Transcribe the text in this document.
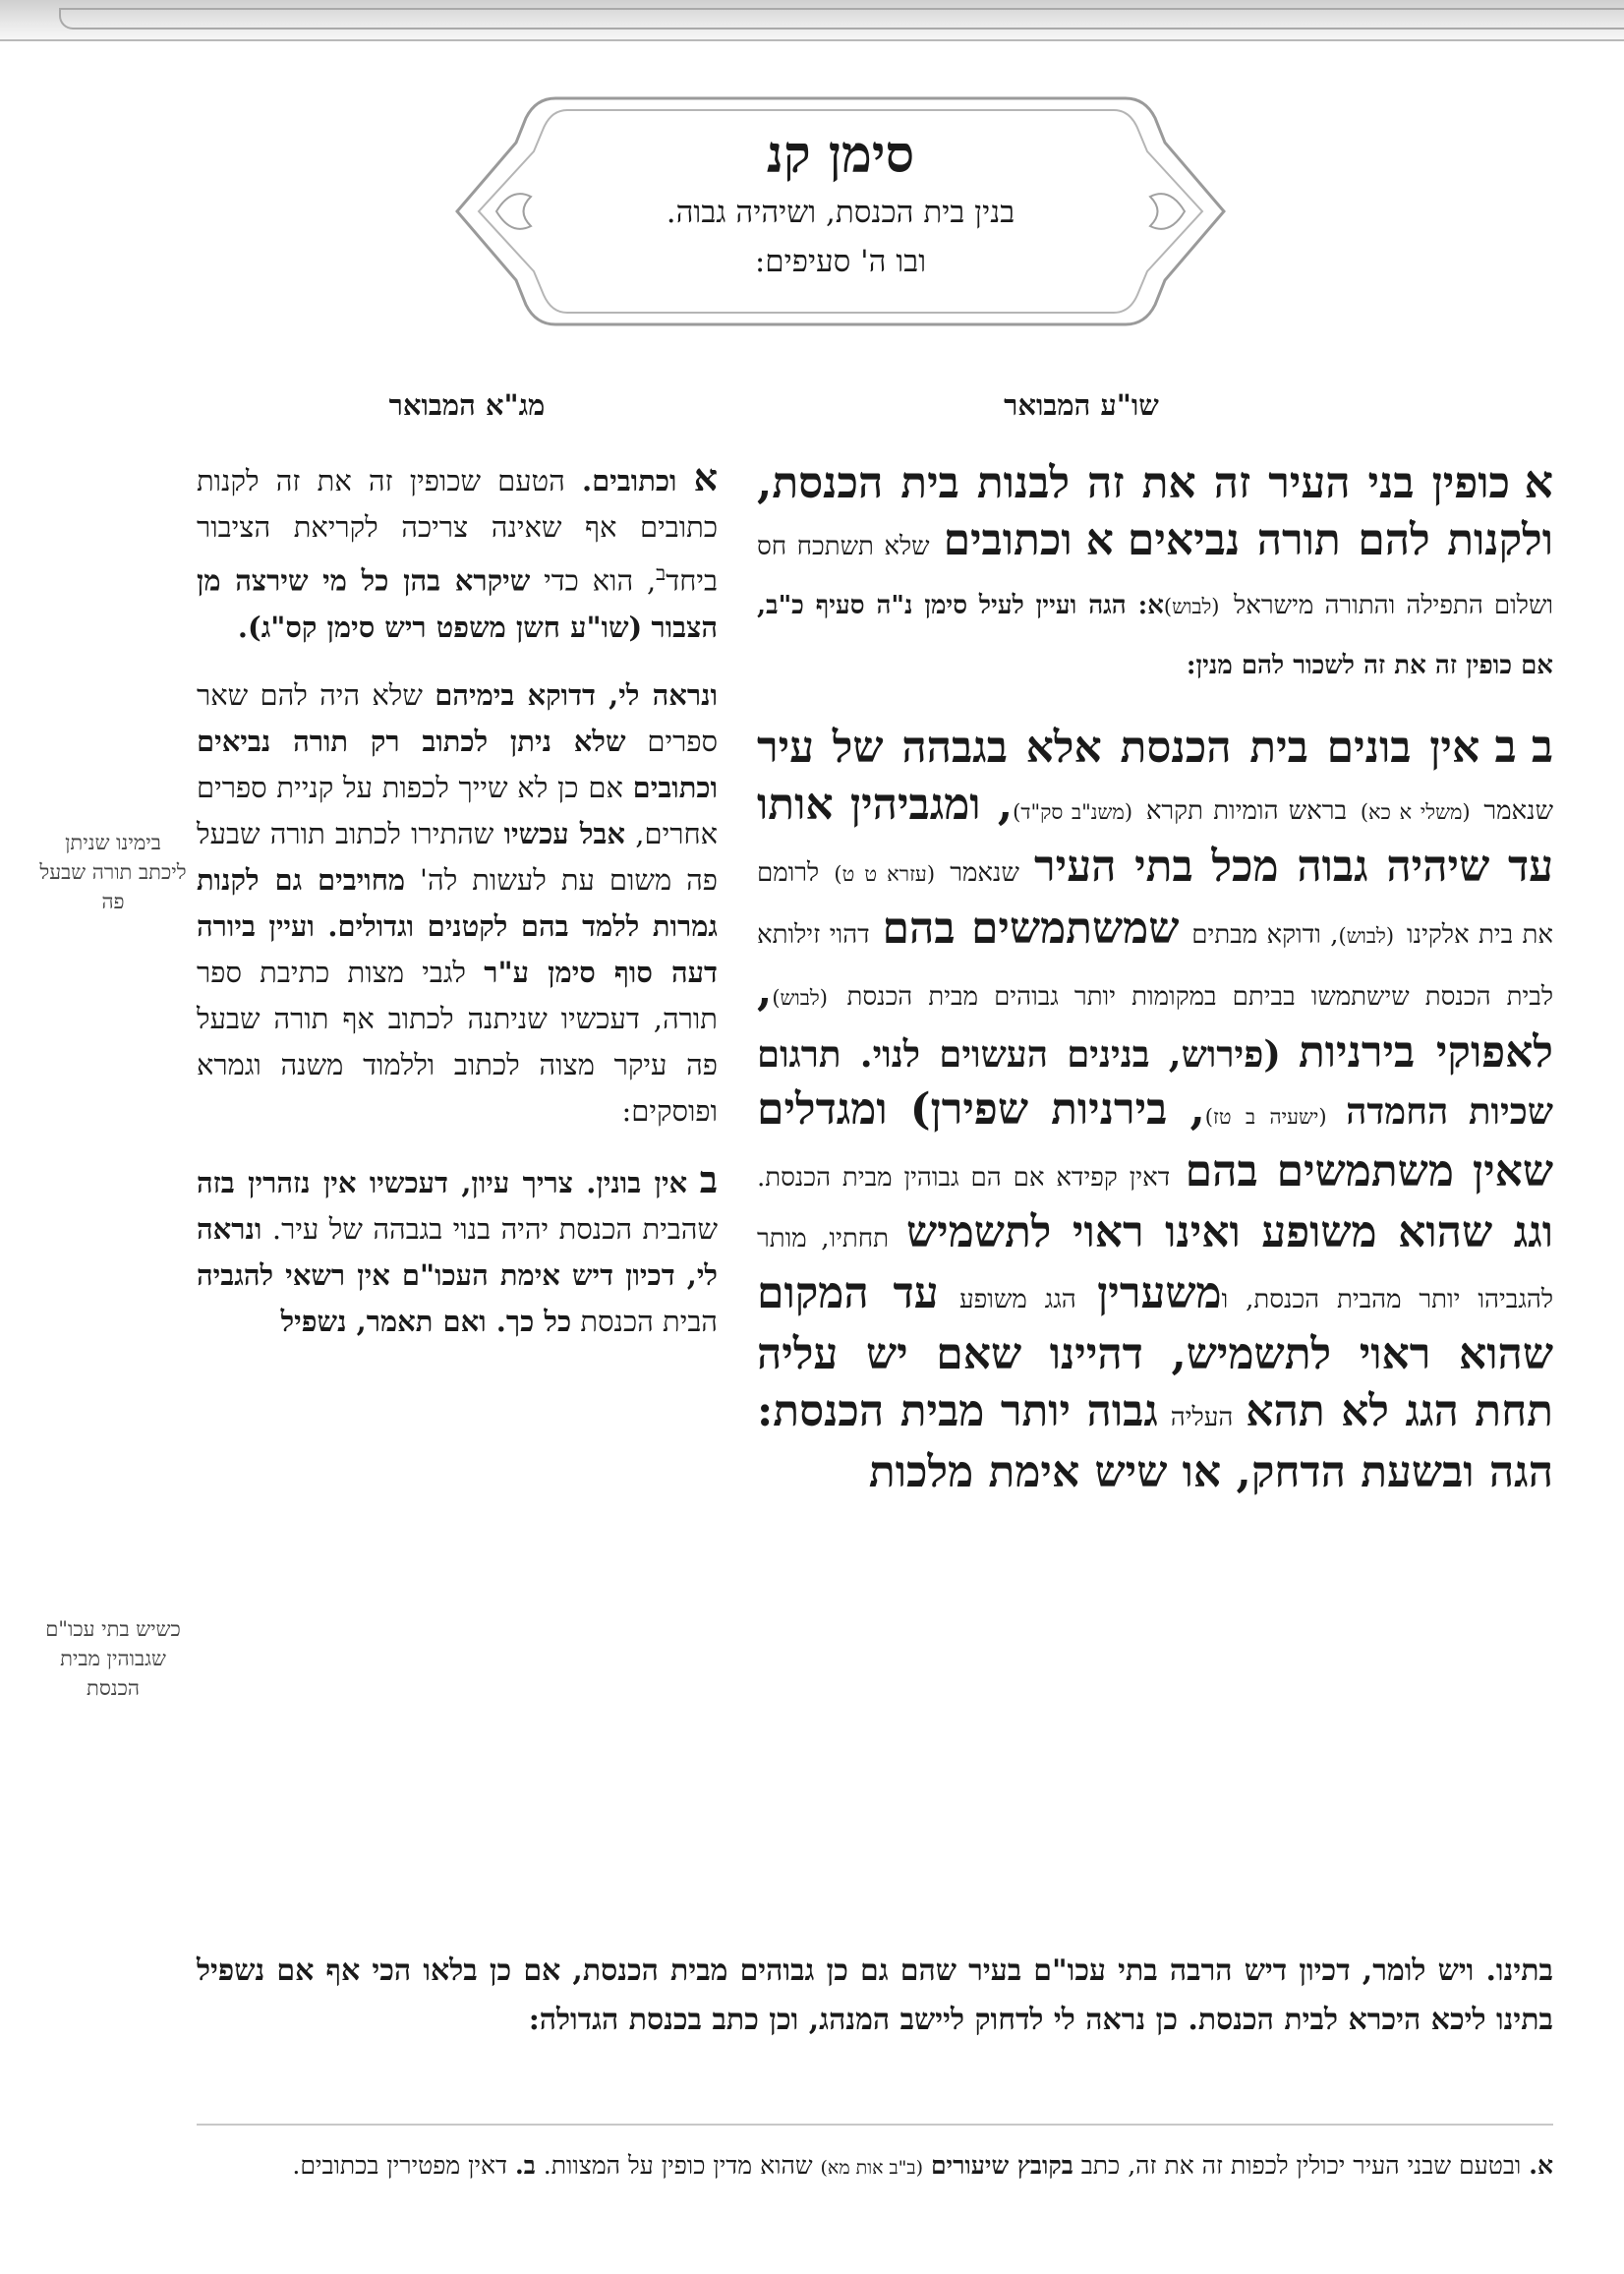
סימן קנ
בנין בית הכנסת, ושיהיה גבוה.
ובו ה' סעיפים:
שו"ע המבואר
מג"א המבואר

א כופין בני העיר זה את זה לבנות בית הכנסת, ולקנות להם תורה נביאים א וכתובים שלא תשתכח חס ושלום התפילה והתורה מישראל (לבוש)א: הגה ועיין לעיל סימן נ"ה סעיף כ"ב, אם כופין זה את זה לשכור להם מנין:

ב ב אין בונים בית הכנסת אלא בגבהה של עיר שנאמר (משלי א כא) בראש הומיות תקרא (משנ"ב סק"ד), ומגביהין אותו עד שיהיה גבוה מכל בתי העיר שנאמר (עזרא ט ט) לרומם את בית אלקינו (לבוש), ודוקא מבתים שמשתמשים בהם דהוי זילותא לבית הכנסת שישתמשו בביתם במקומות יותר גבוהים מבית הכנסת (לבוש), לאפוקי בירניות (פירוש, בנינים העשוים לנוי. תרגום שכיות החמדה (ישעיה ב טז), בירניות שפירן) ומגדלים שאין משתמשים בהם דאין קפידא אם הם גבוהין מבית הכנסת. וגג שהוא משופע ואינו ראוי לתשמיש תחתיו, מותר להגביהו יותר מהבית הכנסת, ומשערין הגג משופע עד המקום שהוא ראוי לתשמיש, דהיינו שאם יש עליה תחת הגג לא תהא העליה גבוה יותר מבית הכנסת: הגה ובשעת הדחק, או שיש אימת מלכות

א וכתובים. הטעם שכופין זה את זה לקנות כתובים אף שאינה צריכה לקריאת הציבור ביחד$^ב$, הוא כדי שיקרא בהן כל מי שירצה מן הצבור (שו"ע חשן משפט ריש סימן קס"ג).

ונראה לי, דדוקא בימיהם שלא היה להם שאר ספרים שלא ניתן לכתוב רק תורה נביאים וכתובים אם כן לא שייך לכפות על קניית ספרים אחרים, אבל עכשיו שהתירו לכתוב תורה שבעל פה משום עת לעשות לה' מחויבים גם לקנות גמרות ללמד בהם לקטנים וגדולים. ועיין ביורה דעה סוף סימן ע"ר לגבי מצות כתיבת ספר תורה, דעכשיו שניתנה לכתוב אף תורה שבעל פה עיקר מצוה לכתוב וללמוד משנה וגמרא ופוסקים:

ב אין בונין. צריך עיון, דעכשיו אין נזהרין בזה שהבית הכנסת יהיה בנוי בגבהה של עיר. ונראה לי, דכיון דיש אימת העכו"ם אין רשאי להגביה הבית הכנסת כל כך. ואם תאמר, נשפיל

בימינו שניתן ליכתב תורה שבעל פה
כשיש בתי עכו"ם שגבוהין מבית הכנסת
בתינו. ויש לומר, דכיון דיש הרבה בתי עכו"ם בעיר שהם גם כן גבוהים מבית הכנסת, אם כן בלאו הכי אף אם נשפיל בתינו ליכא היכרא לבית הכנסת. כן נראה לי לדחוק ליישב המנהג, וכן כתב בכנסת הגדולה:
א. ובטעם שבני העיר יכולין לכפות זה את זה, כתב בקובץ שיעורים (ב"ב אות מא) שהוא מדין כופין על המצוות. ב. דאין מפטירין בכתובים.
